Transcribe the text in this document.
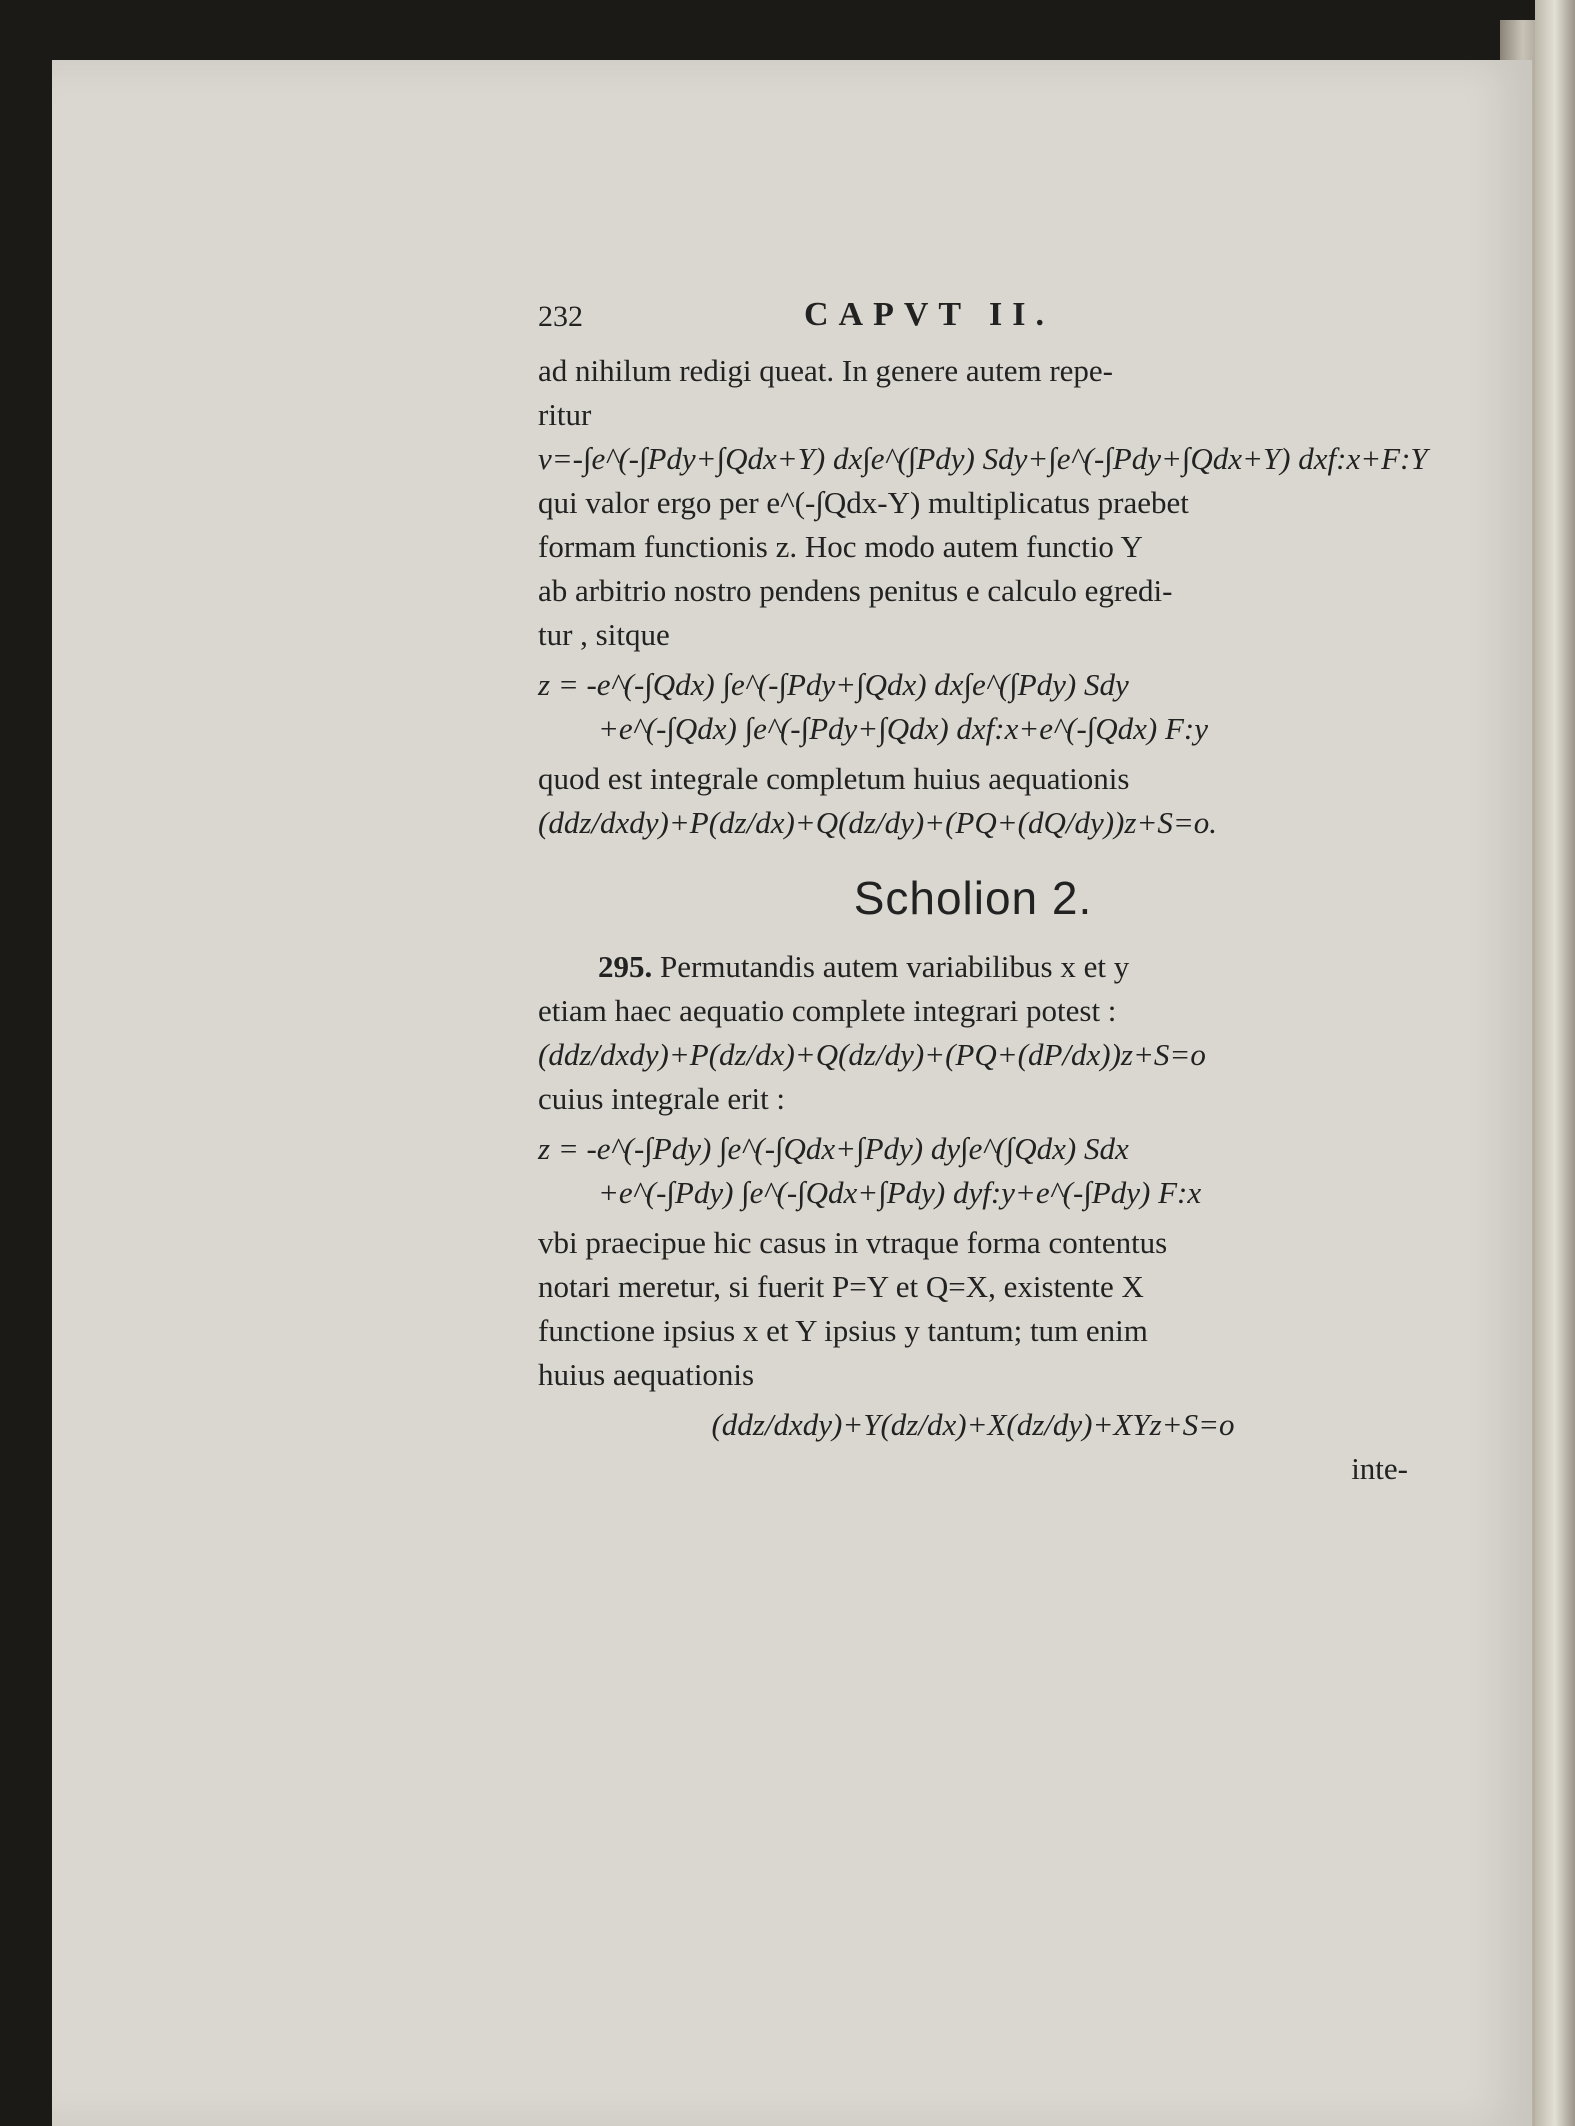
232	CAPVT II.

ad nihilum redigi queat. In genere autem repe-

ritur

v=-∫e^(-∫Pdy+∫Qdx+Y) dx∫e^(∫Pdy) Sdy+∫e^(-∫Pdy+∫Qdx+Y) dxf:x+F:Y

qui valor ergo per e^(-∫Qdx-Y) multiplicatus praebet

formam functionis z. Hoc modo autem functio Y

ab arbitrio nostro pendens penitus e calculo egredi-

tur , sitque

z = -e^(-∫Qdx) ∫e^(-∫Pdy+∫Qdx) dx∫e^(∫Pdy) Sdy

+e^(-∫Qdx) ∫e^(-∫Pdy+∫Qdx) dxf:x+e^(-∫Qdx) F:y

quod est integrale completum huius aequationis

(ddz/dxdy)+P(dz/dx)+Q(dz/dy)+(PQ+(dQ/dy))z+S=o.

Scholion 2.

295. Permutandis autem variabilibus x et y

etiam haec aequatio complete integrari potest :

(ddz/dxdy)+P(dz/dx)+Q(dz/dy)+(PQ+(dP/dx))z+S=o

cuius integrale erit :

z = -e^(-∫Pdy) ∫e^(-∫Qdx+∫Pdy) dy∫e^(∫Qdx) Sdx

+e^(-∫Pdy) ∫e^(-∫Qdx+∫Pdy) dyf:y+e^(-∫Pdy) F:x

vbi praecipue hic casus in vtraque forma contentus

notari meretur, si fuerit P=Y et Q=X, existente X

functione ipsius x et Y ipsius y tantum; tum enim

huius aequationis

(ddz/dxdy)+Y(dz/dx)+X(dz/dy)+XYz+S=o

inte-
